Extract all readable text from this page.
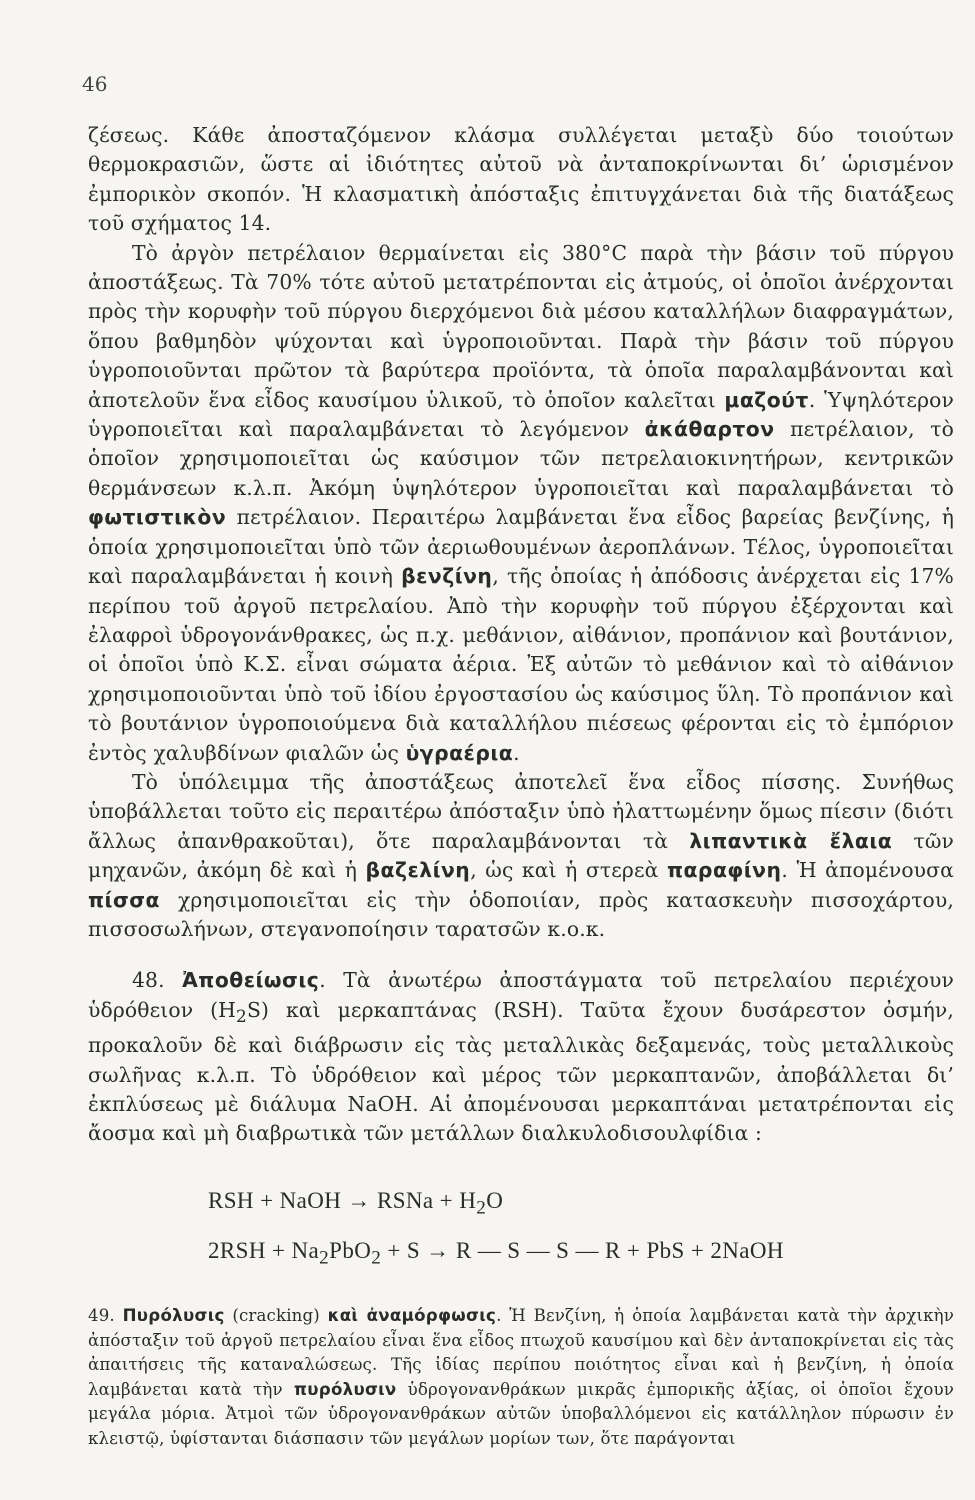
46

ζέσεως. Κάθε ἀποσταζόμενον κλάσμα συλλέγεται μεταξὺ δύο τοιούτων θερμοκρασιῶν, ὥστε αἱ ἰδιότητες αὐτοῦ νὰ ἀνταποκρίνωνται δι’ ὡρισμένον ἐμπορικὸν σκοπόν. Ἡ κλασματικὴ ἀπόσταξις ἐπιτυγχάνεται διὰ τῆς διατάξεως τοῦ σχήματος 14.

Τὸ ἀργὸν πετρέλαιον θερμαίνεται εἰς 380°C παρὰ τὴν βάσιν τοῦ πύργου ἀποστάξεως. Τὰ 70% τότε αὐτοῦ μετατρέπονται εἰς ἀτμούς, οἱ ὁποῖοι ἀνέρχονται πρὸς τὴν κορυφὴν τοῦ πύργου διερχόμενοι διὰ μέσου καταλλήλων διαφραγμάτων, ὅπου βαθμηδὸν ψύχονται καὶ ὑγροποιοῦνται. Παρὰ τὴν βάσιν τοῦ πύργου ὑγροποιοῦνται πρῶτον τὰ βαρύτερα προϊόντα, τὰ ὁποῖα παραλαμβάνονται καὶ ἀποτελοῦν ἕνα εἶδος καυσίμου ὑλικοῦ, τὸ ὁποῖον καλεῖται μαζούτ. Ὑψηλότερον ὑγροποιεῖται καὶ παραλαμβάνεται τὸ λεγόμενον ἀκάθαρτον πετρέλαιον, τὸ ὁποῖον χρησιμοποιεῖται ὡς καύσιμον τῶν πετρελαιοκινητήρων, κεντρικῶν θερμάνσεων κ.λ.π. Ἀκόμη ὑψηλότερον ὑγροποιεῖται καὶ παραλαμβάνεται τὸ φωτιστικὸν πετρέλαιον. Περαιτέρω λαμβάνεται ἕνα εἶδος βαρείας βενζίνης, ἡ ὁποία χρησιμοποιεῖται ὑπὸ τῶν ἀεριωθουμένων ἀεροπλάνων. Τέλος, ὑγροποιεῖται καὶ παραλαμβάνεται ἡ κοινὴ βενζίνη, τῆς ὁποίας ἡ ἀπόδοσις ἀνέρχεται εἰς 17% περίπου τοῦ ἀργοῦ πετρελαίου. Ἀπὸ τὴν κορυφὴν τοῦ πύργου ἐξέρχονται καὶ ἐλαφροὶ ὑδρογονάνθρακες, ὡς π.χ. μεθάνιον, αἰθάνιον, προπάνιον καὶ βουτάνιον, οἱ ὁποῖοι ὑπὸ Κ.Σ. εἶναι σώματα ἀέρια. Ἐξ αὐτῶν τὸ μεθάνιον καὶ τὸ αἰθάνιον χρησιμοποιοῦνται ὑπὸ τοῦ ἰδίου ἐργοστασίου ὡς καύσιμος ὕλη. Τὸ προπάνιον καὶ τὸ βουτάνιον ὑγροποιούμενα διὰ καταλλήλου πιέσεως φέρονται εἰς τὸ ἐμπόριον ἐντὸς χαλυβδίνων φιαλῶν ὡς ὑγραέρια.

Τὸ ὑπόλειμμα τῆς ἀποστάξεως ἀποτελεῖ ἕνα εἶδος πίσσης. Συνήθως ὑποβάλλεται τοῦτο εἰς περαιτέρω ἀπόσταξιν ὑπὸ ἠλαττωμένην ὅμως πίεσιν (διότι ἄλλως ἀπανθρακοῦται), ὅτε παραλαμβάνονται τὰ λιπαντικὰ ἔλαια τῶν μηχανῶν, ἀκόμη δὲ καὶ ἡ βαζελίνη, ὡς καὶ ἡ στερεὰ παραφίνη. Ἡ ἀπομένουσα πίσσα χρησιμοποιεῖται εἰς τὴν ὁδοποιίαν, πρὸς κατασκευὴν πισσοχάρτου, πισσοσωλήνων, στεγανοποίησιν ταρατσῶν κ.ο.κ.

48. Ἀποθείωσις. Τὰ ἀνωτέρω ἀποστάγματα τοῦ πετρελαίου περιέχουν ὑδρόθειον $(H_2S)$ καὶ μερκαπτάνας (RSH). Ταῦτα ἔχουν δυσάρεστον ὀσμήν, προκαλοῦν δὲ καὶ διάβρωσιν εἰς τὰς μεταλλικὰς δεξαμενάς, τοὺς μεταλλικοὺς σωλῆνας κ.λ.π. Τὸ ὑδρόθειον καὶ μέρος τῶν μερκαπτανῶν, ἀποβάλλεται δι’ ἐκπλύσεως μὲ διάλυμα NaOH. Αἱ ἀπομένουσαι μερκαπτάναι μετατρέπονται εἰς ἄοσμα καὶ μὴ διαβρωτικὰ τῶν μετάλλων διαλκυλοδισουλφίδια :

RSH + NaOH → RSNa + $H_2O$
$2RSH + Na_2PbO_2 + S \to R$ — S — S — R + PbS + 2NaOH

49. Πυρόλυσις (cracking) καὶ ἀναμόρφωσις. Ἡ Βενζίνη, ἡ ὁποία λαμβάνεται κατὰ τὴν ἀρχικὴν ἀπόσταξιν τοῦ ἀργοῦ πετρελαίου εἶναι ἕνα εἶδος πτωχοῦ καυσίμου καὶ δὲν ἀνταποκρίνεται εἰς τὰς ἀπαιτήσεις τῆς καταναλώσεως. Τῆς ἰδίας περίπου ποιότητος εἶναι καὶ ἡ βενζίνη, ἡ ὁποία λαμβάνεται κατὰ τὴν πυρόλυσιν ὑδρογονανθράκων μικρᾶς ἐμπορικῆς ἀξίας, οἱ ὁποῖοι ἔχουν μεγάλα μόρια. Ἀτμοὶ τῶν ὑδρογονανθράκων αὐτῶν ὑποβαλλόμενοι εἰς κατάλληλον πύρωσιν ἐν κλειστῷ, ὑφίστανται διάσπασιν τῶν μεγάλων μορίων των, ὅτε παράγονται
